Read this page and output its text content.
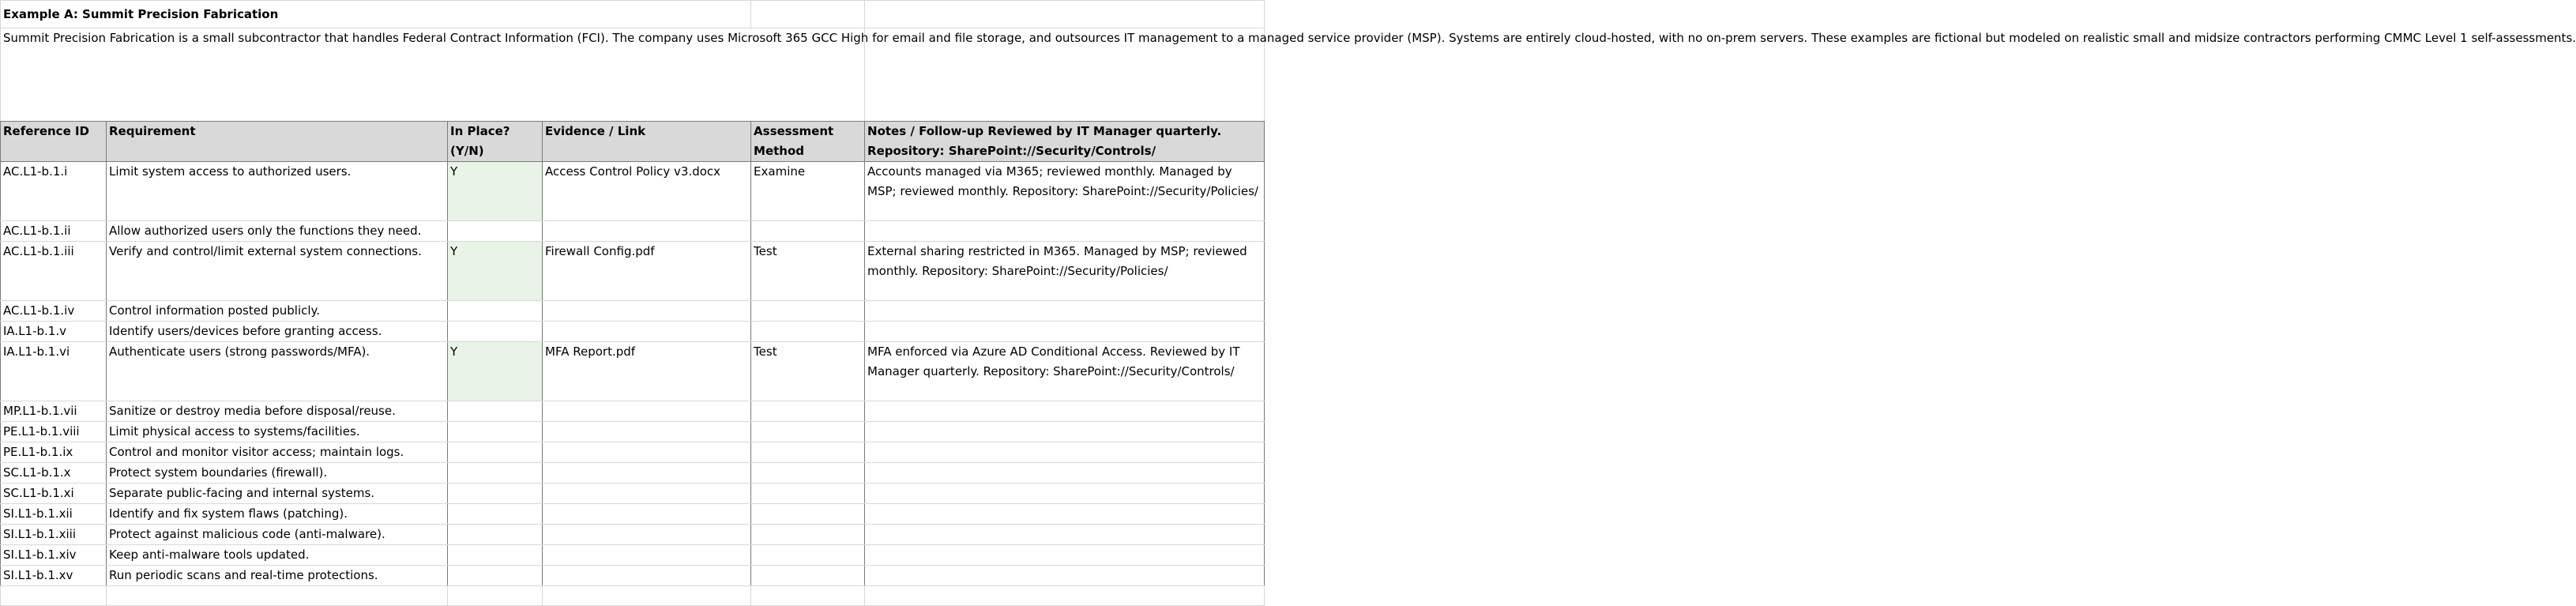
Example A: Summit Precision Fabrication					
Summit Precision Fabrication is a small subcontractor that handles Federal Contract Information (FCI). The company uses Microsoft 365 GCC High for email and file storage, and outsources IT management to a managed service provider (MSP). Systems are entirely cloud-hosted, with no on-prem servers. These examples are fictional but modeled on realistic small and midsize contractors performing CMMC Level 1 self-assessments.					
Reference ID	Requirement	In Place? (Y/N)	Evidence / Link	Assessment Method	Notes / Follow-up Reviewed by IT Manager quarterly. Repository: SharePoint://Security/Controls/
AC.L1-b.1.i	Limit system access to authorized users.	Y	Access Control Policy v3.docx	Examine	Accounts managed via M365; reviewed monthly. Managed by MSP; reviewed monthly. Repository: SharePoint://Security/Policies/
AC.L1-b.1.ii	Allow authorized users only the functions they need.				
AC.L1-b.1.iii	Verify and control/limit external system connections.	Y	Firewall Config.pdf	Test	External sharing restricted in M365. Managed by MSP; reviewed monthly. Repository: SharePoint://Security/Policies/
AC.L1-b.1.iv	Control information posted publicly.				
IA.L1-b.1.v	Identify users/devices before granting access.				
IA.L1-b.1.vi	Authenticate users (strong passwords/MFA).	Y	MFA Report.pdf	Test	MFA enforced via Azure AD Conditional Access. Reviewed by IT Manager quarterly. Repository: SharePoint://Security/Controls/
MP.L1-b.1.vii	Sanitize or destroy media before disposal/reuse.				
PE.L1-b.1.viii	Limit physical access to systems/facilities.				
PE.L1-b.1.ix	Control and monitor visitor access; maintain logs.				
SC.L1-b.1.x	Protect system boundaries (firewall).				
SC.L1-b.1.xi	Separate public-facing and internal systems.				
SI.L1-b.1.xii	Identify and fix system flaws (patching).				
SI.L1-b.1.xiii	Protect against malicious code (anti-malware).				
SI.L1-b.1.xiv	Keep anti-malware tools updated.				
SI.L1-b.1.xv	Run periodic scans and real-time protections.				
